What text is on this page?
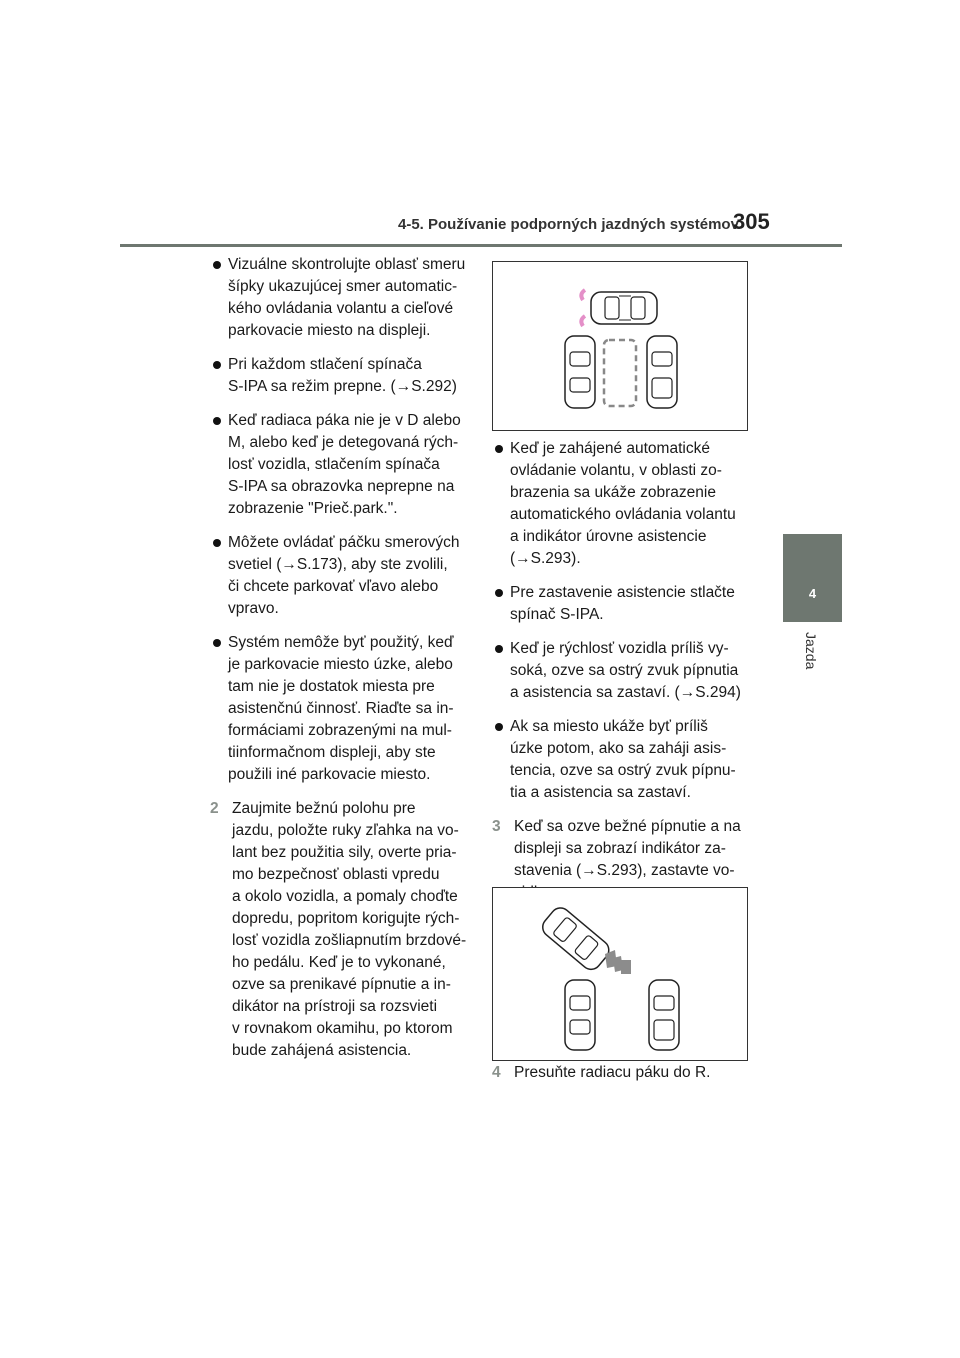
4-5. Používanie podporných jazdných systémov
305
4
Jazda
Vizuálne skontrolujte oblasť smeru
šípky ukazujúcej smer automatic-
kého ovládania volantu a cieľové
parkovacie miesto na displeji.
Pri každom stlačení spínača
S-IPA sa režim prepne. (→S.292)
Keď radiaca páka nie je v D alebo
M, alebo keď je detegovaná rých-
losť vozidla, stlačením spínača
S-IPA sa obrazovka neprepne na
zobrazenie "Prieč.park.".
Môžete ovládať páčku smerových
svetiel (→S.173), aby ste zvolili,
či chcete parkovať vľavo alebo
vpravo.
Systém nemôže byť použitý, keď
je parkovacie miesto úzke, alebo
tam nie je dostatok miesta pre
asistenčnú činnosť. Riaďte sa in-
formáciami zobrazenými na mul-
tiinformačnom displeji, aby ste
použili iné parkovacie miesto.
2 Zaujmite bežnú polohu pre
jazdu, položte ruky zľahka na vo-
lant bez použitia sily, overte pria-
mo bezpečnosť oblasti vpredu
a okolo vozidla, a pomaly choďte
dopredu, popritom korigujte rých-
losť vozidla zošliapnutím brzdové-
ho pedálu. Keď je to vykonané,
ozve sa prenikavé pípnutie a in-
dikátor na prístroji sa rozsvieti
v rovnakom okamihu, po ktorom
bude zahájená asistencia.
Keď je zahájené automatické
ovládanie volantu, v oblasti zo-
brazenia sa ukáže zobrazenie
automatického ovládania volantu
a indikátor úrovne asistencie
(→S.293).
Pre zastavenie asistencie stlačte
spínač S-IPA.
Keď je rýchlosť vozidla príliš vy-
soká, ozve sa ostrý zvuk pípnutia
a asistencia sa zastaví. (→S.294)
Ak sa miesto ukáže byť príliš
úzke potom, ako sa zaháji asis-
tencia, ozve sa ostrý zvuk pípnu-
tia a asistencia sa zastaví.
3 Keď sa ozve bežné pípnutie a na
displeji sa zobrazí indikátor za-
stavenia (→S.293), zastavte vo-

4 Presuňte radiacu páku do R.
